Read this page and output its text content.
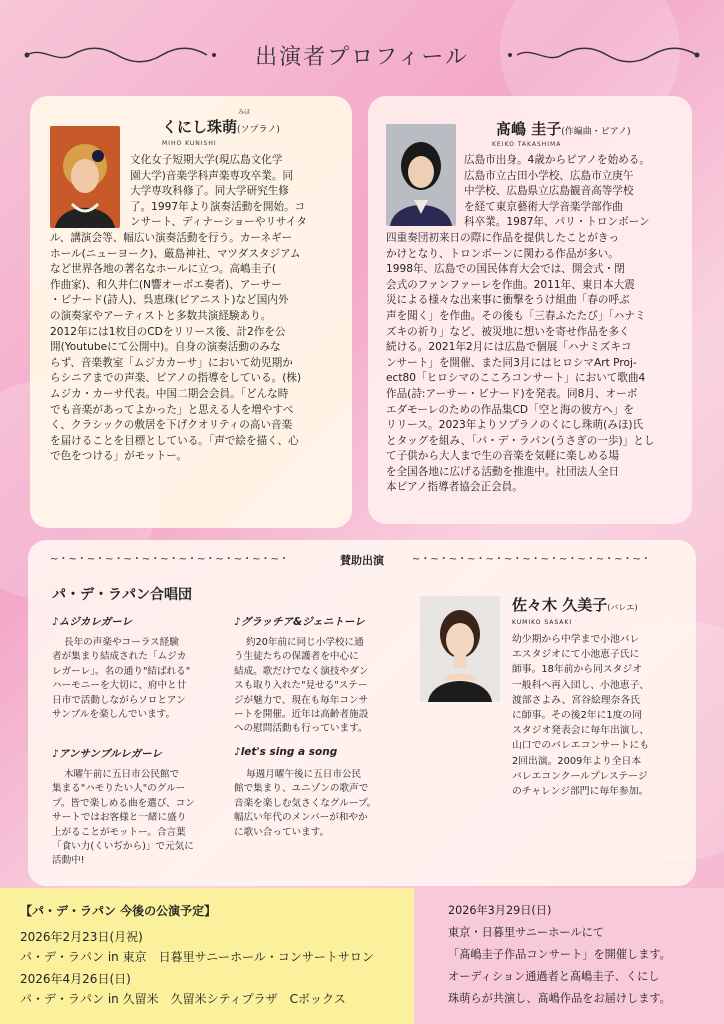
出演者プロフィール
みほ
くにし珠萌(ソプラノ)
MIHO KUNISHI
文化女子短期大学(現広島文化学
園大学)音楽学科声楽専攻卒業。同
大学専攻科修了。同大学研究生修
了。1997年より演奏活動を開始。コ
ンサート、ディナーショーやリサイタ
ル、講演会等、幅広い演奏活動を行う。カーネギー
ホール(ニューヨーク)、厳島神社、マツダスタジアム
など世界各地の著名なホールに立つ。高嶋圭子(
作曲家)、和久井仁(N響オーボエ奏者)、アーサー
・ビナード(詩人)、呉恵珠(ピアニスト)など国内外
の演奏家やアーティストと多数共演経験あり。
2012年には1枚目のCDをリリース後、計2作を公
開(Youtubeにて公開中)。自身の演奏活動のみな
らず、音楽教室「ムジカカーサ」において幼児期か
らシニアまでの声楽、ピアノの指導をしている。(株)
ムジカ・カーサ代表。中国二期会会員。「どんな時
でも音楽があってよかった」と思える人を増やすべ
く、クラシックの敷居を下げクオリティの高い音楽
を届けることを目標としている。「声で絵を描く、心
で色をつける」がモットー。
髙嶋 圭子(作編曲・ピアノ)
KEIKO TAKASHIMA
広島市出身。4歳からピアノを始める。
広島市立古田小学校、広島市立庚午
中学校、広島県立広島観音高等学校
を経て東京藝術大学音楽学部作曲
科卒業。1987年、パリ・トロンボーン
四重奏団初来日の際に作品を提供したことがきっ
かけとなり、トロンボーンに関わる作品が多い。
1998年、広島での国民体育大会では、開会式・閉
会式のファンファーレを作曲。2011年、東日本大震
災による様々な出来事に衝撃をうけ組曲「春の呼ぶ
声を聞く」を作曲。その後も「三春ふたたび」「ハナミ
ズキの祈り」など、被災地に想いを寄せ作品を多く
続ける。2021年2月には広島で個展「ハナミズキコ
ンサート」を開催、また同3月にはヒロシマArt Proj-
ect80「ヒロシマのこころコンサート」において歌曲4
作品(詩:アーサー・ビナード)を発表。同8月、オーボ
エダモーレのための作品集CD「空と海の彼方へ」を
リリース。2023年よりソプラノのくにし珠萌(みほ)氏
とタッグを組み、「パ・デ・ラパン(うさぎの一歩)」とし
て子供から大人まで生の音楽を気軽に楽しめる場
を全国各地に広げる活動を推進中。社団法人全日
本ピアノ指導者協会正会員。
~・~・~・~・~・~・~・~・~・~・~・~・~・	賛助出演	~・~・~・~・~・~・~・~・~・~・~・~・~・
パ・デ・ラパン合唱団
♪ムジカレガーレ
長年の声楽やコーラス経験
者が集まり結成された「ムジカ
レガーレ」。名の通り"結ばれる"
ハーモニーを大切に、府中と廿
日市で活動しながらソロとアン
サンブルを楽しんでいます。
♪グラッチア&ジェニトーレ
約20年前に同じ小学校に通
う生徒たちの保護者を中心に
結成。歌だけでなく演技やダン
スも取り入れた"見せる"ステー
ジが魅力で、現在も毎年コンサ
ートを開催。近年は高齢者施設
への慰問活動も行っています。
♪アンサンブルレガーレ
木曜午前に五日市公民館で
集まる"ハモりたい人"のグルー
プ。皆で楽しめる曲を選び、コン
サートではお客様と一緒に盛り
上がることがモットー。合言葉
「食い力(くいぢから)」で元気に
活動中!
♪let's sing a song
毎週月曜午後に五日市公民
館で集まり、ユニゾンの歌声で
音楽を楽しむ気さくなグループ。
幅広い年代のメンバーが和やか
に歌い合っています。
佐々木 久美子(バレエ)
KUMIKO SASAKI
幼少期から中学まで小池バレ
エスタジオにて小池恵子氏に
師事。18年前から同スタジオ
一般科へ再入団し、小池恵子、
渡部さよみ、宮谷絵理奈各氏
に師事。その後2年に1度の同
スタジオ発表会に毎年出演し、
山口でのバレエコンサートにも
2回出演。2009年より全日本
バレエコンクールプレステージ
のチャレンジ部門に毎年参加。
【パ・デ・ラパン 今後の公演予定】
2026年2月23日(月祝)
パ・デ・ラパン in 東京　日暮里サニーホール・コンサートサロン
2026年4月26日(日)
パ・デ・ラパン in 久留米　久留米シティプラザ　Cボックス
2026年3月29日(日)
東京・日暮里サニーホールにて
「髙嶋圭子作品コンサート」を開催します。
オーディション通過者と髙嶋圭子、くにし
珠萌らが共演し、髙嶋作品をお届けします。
